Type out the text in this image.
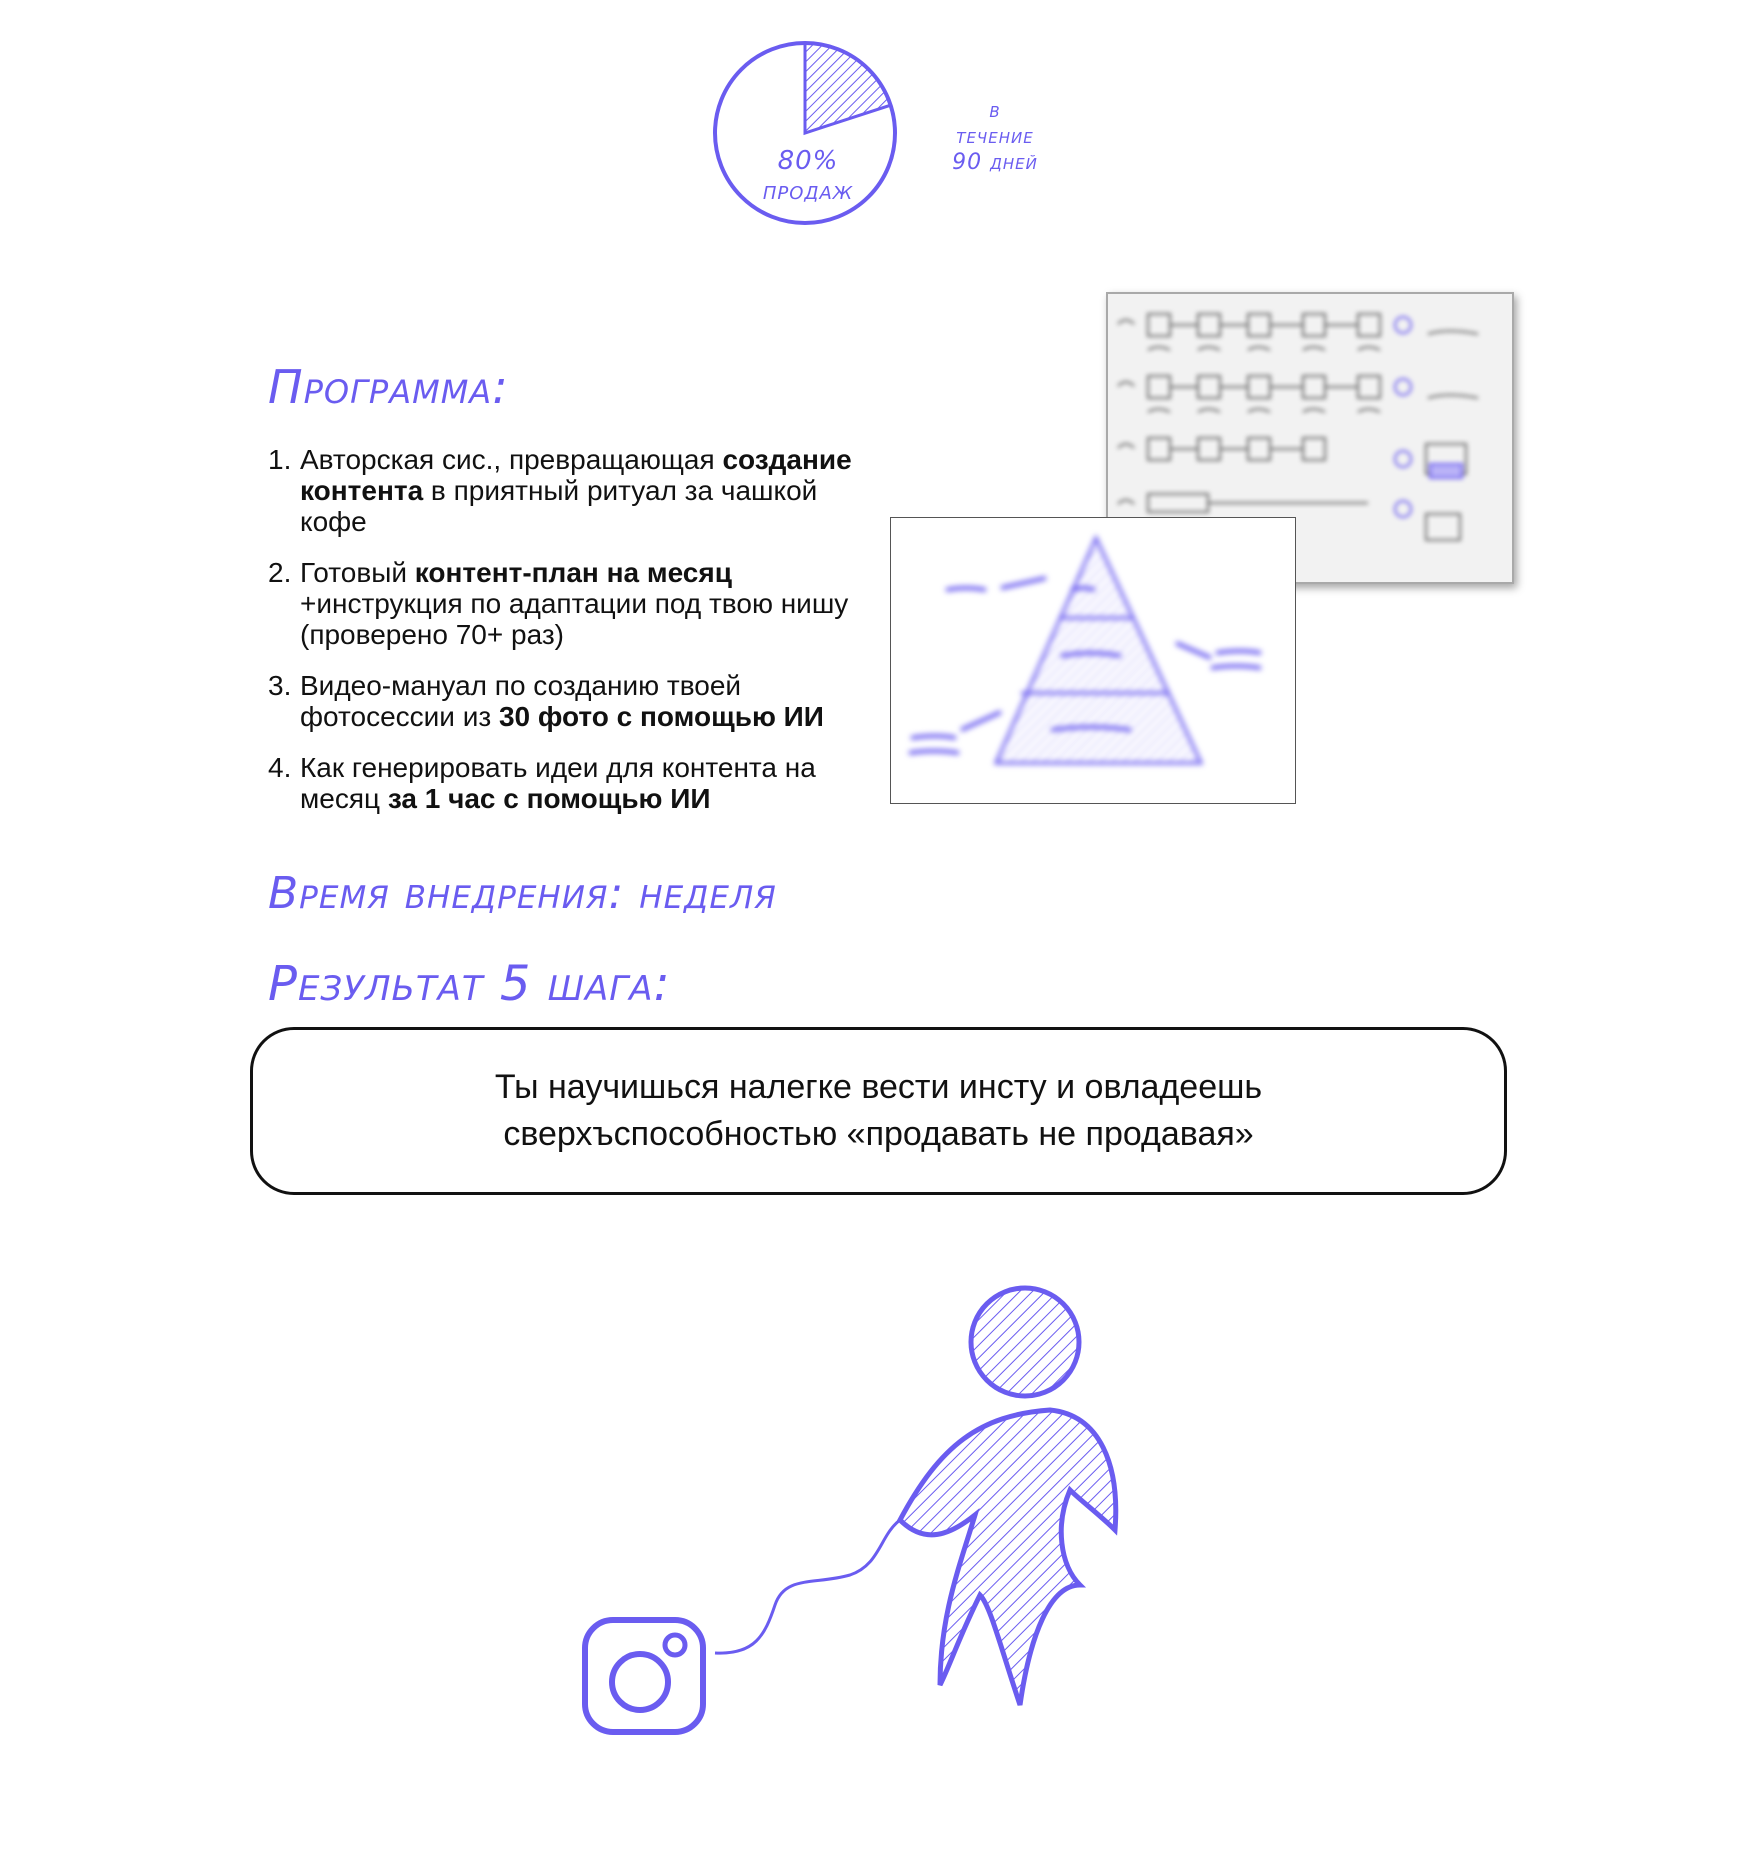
80%
продаж
в
течение
90 дней
Программа:
1. Авторская сис., превращающая создание контента в приятный ритуал за чашкой кофе
2. Готовый контент-план на месяц +инструкция по адаптации под твою нишу (проверено 70+ раз)
3. Видео-мануал по созданию твоей фотосессии из 30 фото с помощью ИИ
4. Как генерировать идеи для контента на месяц за 1 час с помощью ИИ
Время внедрения: неделя
Результат 5 шага:
Ты научишься налегке вести инсту и овладеешь сверхъспособностью «продавать не продавая»
